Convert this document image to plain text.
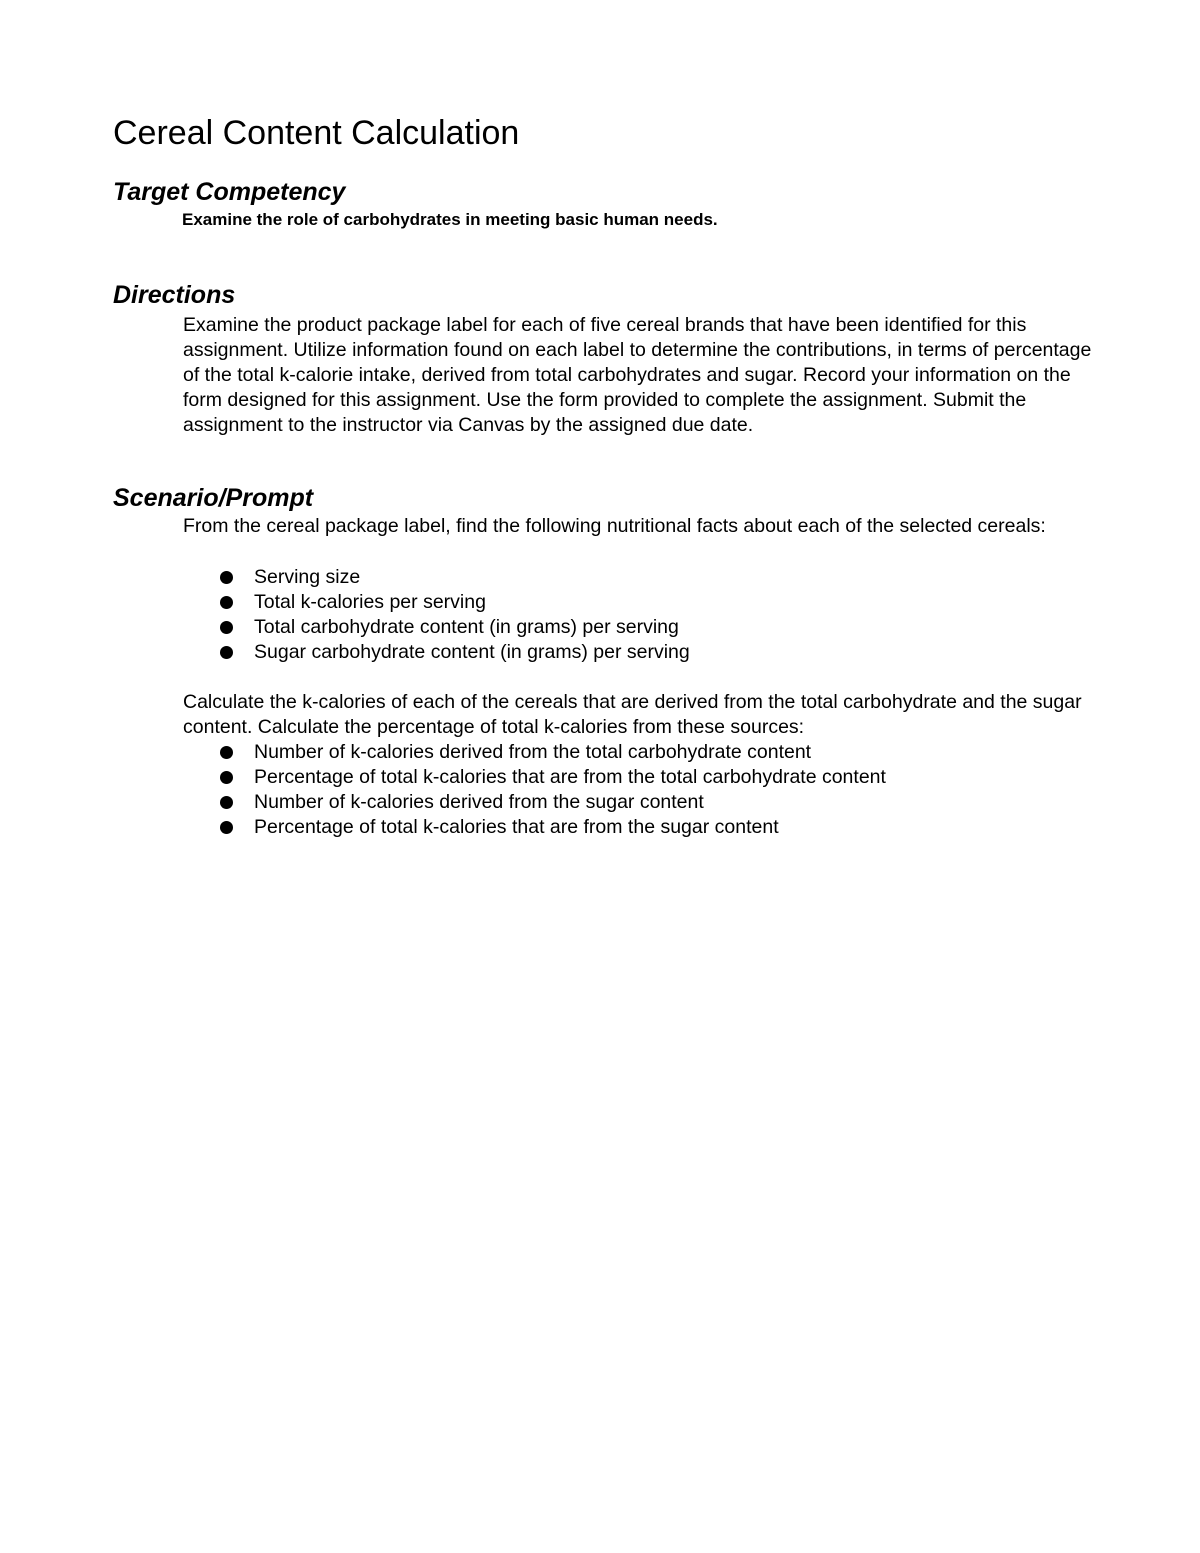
Cereal Content Calculation
Target Competency

Examine the role of carbohydrates in meeting basic human needs.

Directions

Examine the product package label for each of five cereal brands that have been identified for this assignment. Utilize information found on each label to determine the contributions, in terms of percentage of the total k-calorie intake, derived from total carbohydrates and sugar. Record your information on the form designed for this assignment. Use the form provided to complete the assignment. Submit the assignment to the instructor via Canvas by the assigned due date.

Scenario/Prompt

From the cereal package label, find the following nutritional facts about each of the selected cereals:

Serving size
Total k-calories per serving
Total carbohydrate content (in grams) per serving
Sugar carbohydrate content (in grams) per serving

Calculate the k-calories of each of the cereals that are derived from the total carbohydrate and the sugar content. Calculate the percentage of total k-calories from these sources:

Number of k-calories derived from the total carbohydrate content
Percentage of total k-calories that are from the total carbohydrate content
Number of k-calories derived from the sugar content
Percentage of total k-calories that are from the sugar content
